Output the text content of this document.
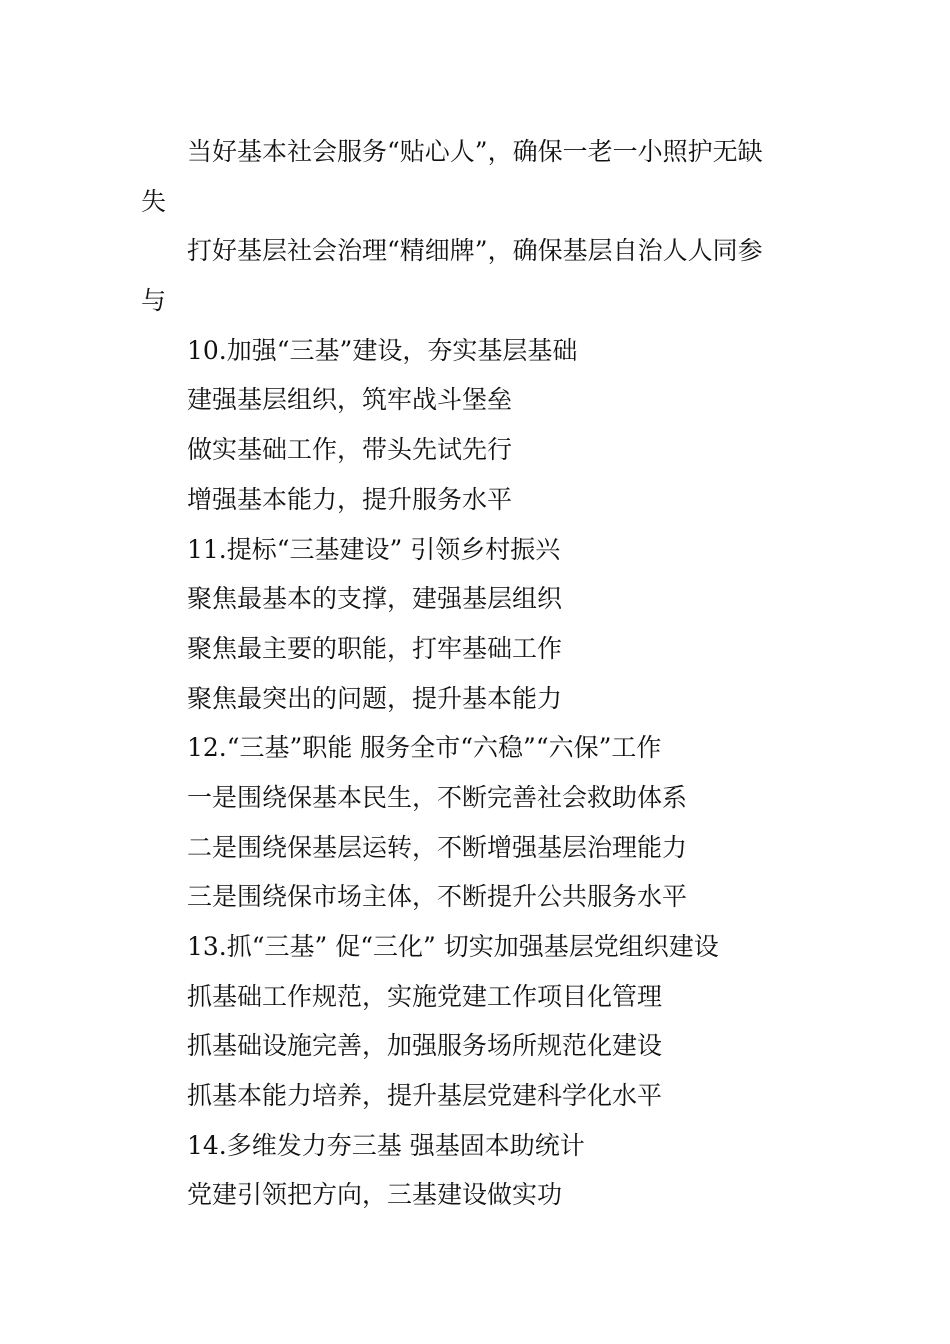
当好基本社会服务“贴心人”，确保一老一小照护无缺
失
打好基层社会治理“精细牌”，确保基层自治人人同参
与
10.加强“三基”建设，夯实基层基础
建强基层组织，筑牢战斗堡垒
做实基础工作，带头先试先行
增强基本能力，提升服务水平
11.提标“三基建设” 引领乡村振兴
聚焦最基本的支撑，建强基层组织
聚焦最主要的职能，打牢基础工作
聚焦最突出的问题，提升基本能力
12.“三基”职能 服务全市“六稳”“六保”工作
一是围绕保基本民生，不断完善社会救助体系
二是围绕保基层运转，不断增强基层治理能力
三是围绕保市场主体，不断提升公共服务水平
13.抓“三基” 促“三化” 切实加强基层党组织建设
抓基础工作规范，实施党建工作项目化管理
抓基础设施完善，加强服务场所规范化建设
抓基本能力培养，提升基层党建科学化水平
14.多维发力夯三基 强基固本助统计
党建引领把方向，三基建设做实功
